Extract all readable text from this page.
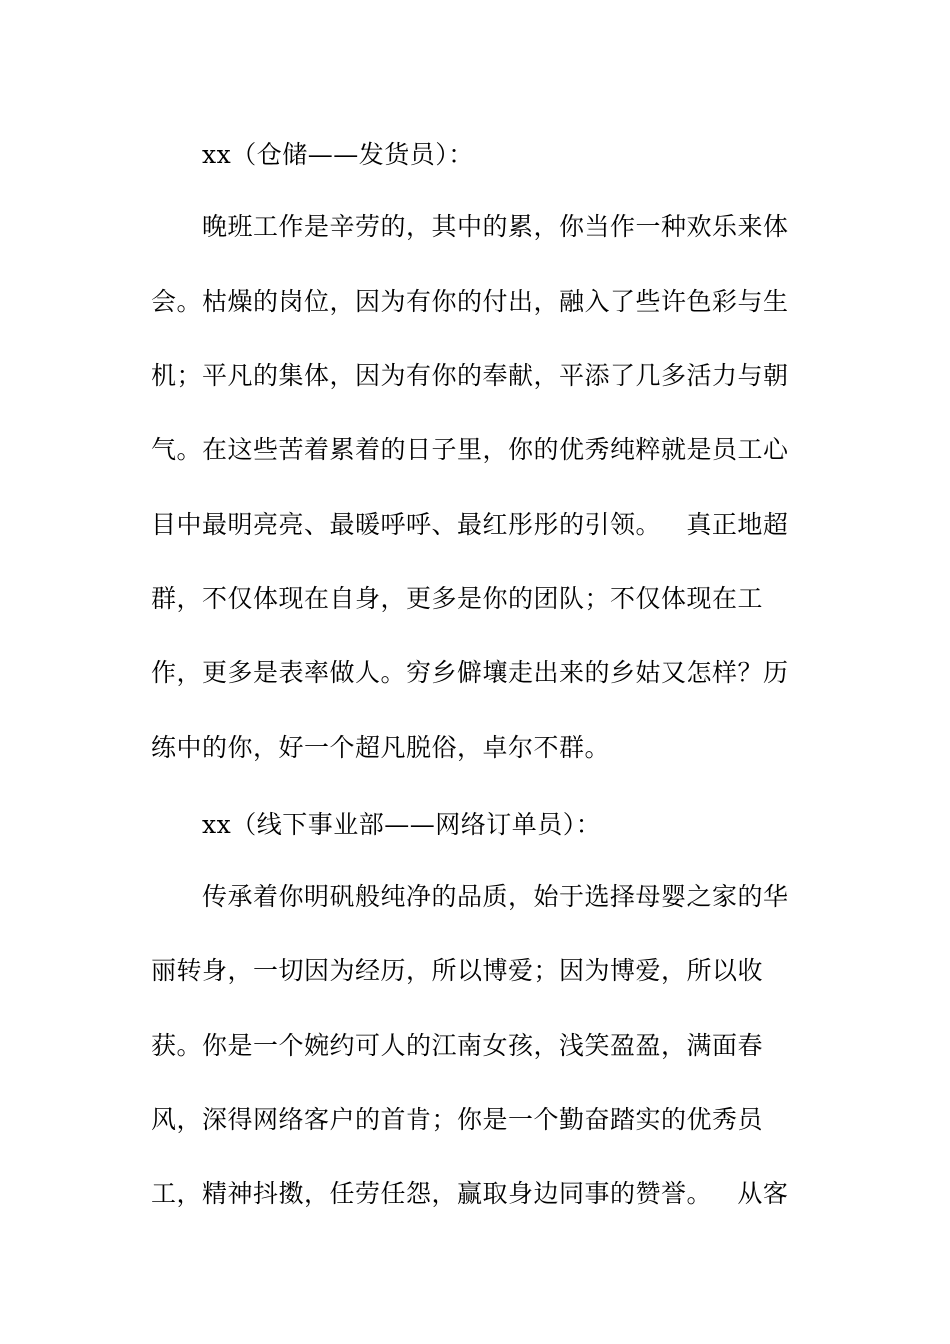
xx（仓储——发货员）：
晚班工作是辛劳的，其中的累，你当作一种欢乐来体
会。枯燥的岗位，因为有你的付出，融入了些许色彩与生
机；平凡的集体，因为有你的奉献，平添了几多活力与朝
气。在这些苦着累着的日子里，你的优秀纯粹就是员工心
目中最明亮亮、最暖呼呼、最红彤彤的引领。   真正地超
群，不仅体现在自身，更多是你的团队；不仅体现在工
作，更多是表率做人。穷乡僻壤走出来的乡姑又怎样？历
练中的你，好一个超凡脱俗，卓尔不群。
xx（线下事业部——网络订单员）：
传承着你明矾般纯净的品质，始于选择母婴之家的华
丽转身，一切因为经历，所以博爱；因为博爱，所以收
获。你是一个婉约可人的江南女孩，浅笑盈盈，满面春
风，深得网络客户的首肯；你是一个勤奋踏实的优秀员
工，精神抖擞，任劳任怨，赢取身边同事的赞誉。   从客
